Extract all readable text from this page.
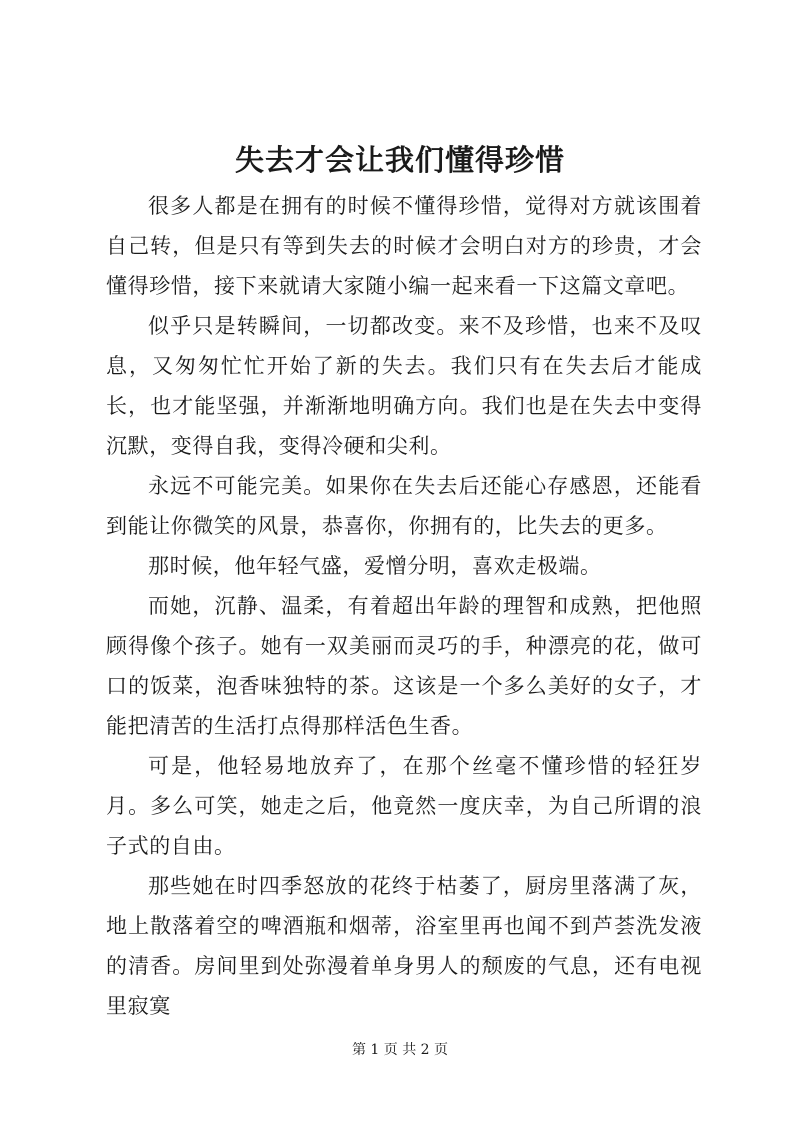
失去才会让我们懂得珍惜

很多人都是在拥有的时候不懂得珍惜，觉得对方就该围着自己转，但是只有等到失去的时候才会明白对方的珍贵，才会懂得珍惜，接下来就请大家随小编一起来看一下这篇文章吧。

似乎只是转瞬间，一切都改变。来不及珍惜，也来不及叹息，又匆匆忙忙开始了新的失去。我们只有在失去后才能成长，也才能坚强，并渐渐地明确方向。我们也是在失去中变得沉默，变得自我，变得冷硬和尖利。

永远不可能完美。如果你在失去后还能心存感恩，还能看到能让你微笑的风景，恭喜你，你拥有的，比失去的更多。

那时候，他年轻气盛，爱憎分明，喜欢走极端。

而她，沉静、温柔，有着超出年龄的理智和成熟，把他照顾得像个孩子。她有一双美丽而灵巧的手，种漂亮的花，做可口的饭菜，泡香味独特的茶。这该是一个多么美好的女子，才能把清苦的生活打点得那样活色生香。

可是，他轻易地放弃了，在那个丝毫不懂珍惜的轻狂岁月。多么可笑，她走之后，他竟然一度庆幸，为自己所谓的浪子式的自由。

那些她在时四季怒放的花终于枯萎了，厨房里落满了灰，地上散落着空的啤酒瓶和烟蒂，浴室里再也闻不到芦荟洗发液的清香。房间里到处弥漫着单身男人的颓废的气息，还有电视里寂寞

第 1 页 共 2 页
